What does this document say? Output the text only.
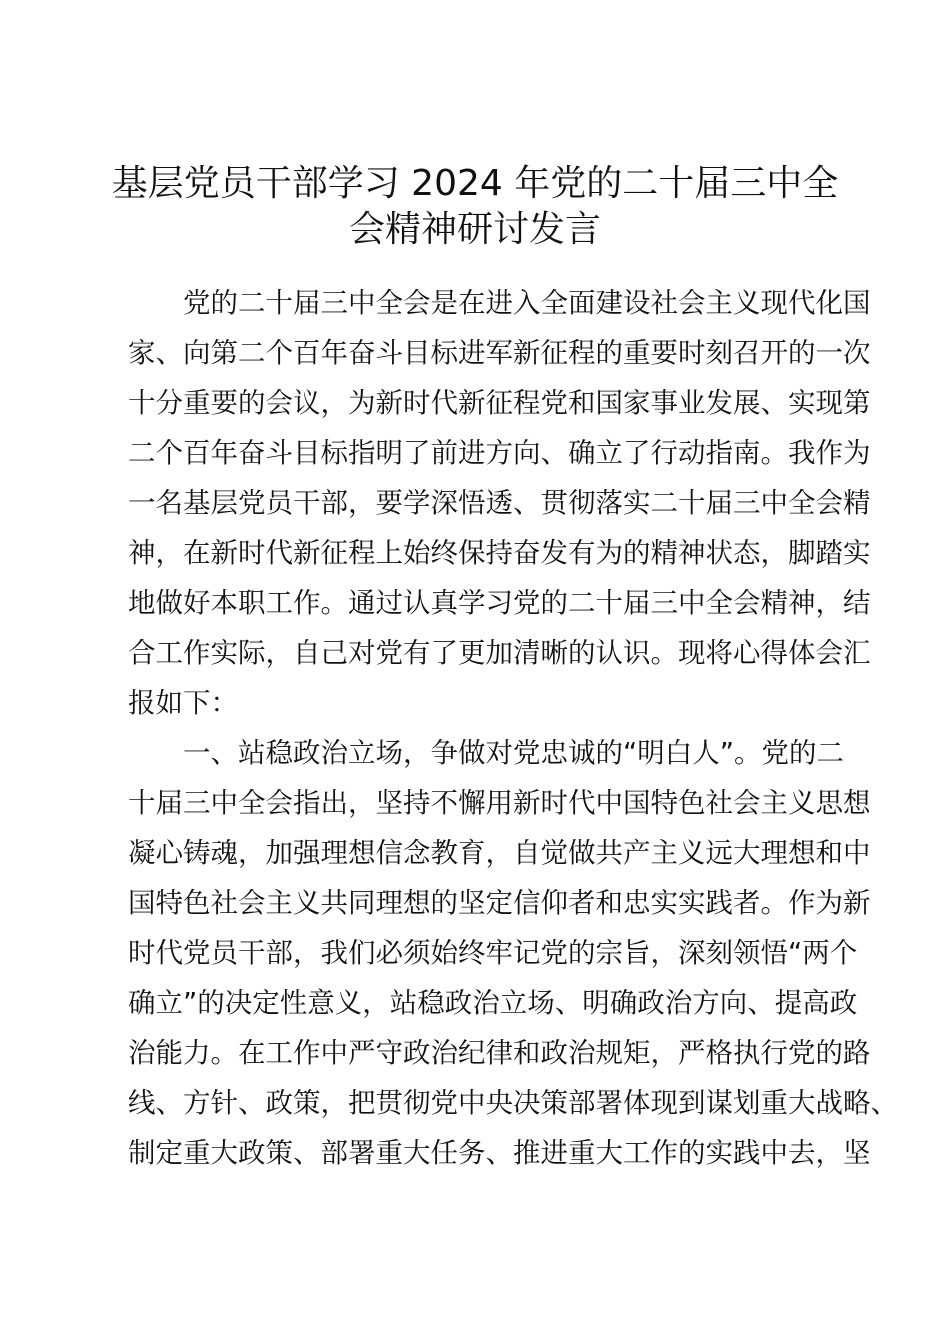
基层党员干部学习 2024 年党的二十届三中全
会精神研讨发言
　　党的二十届三中全会是在进入全面建设社会主义现代化国
家、向第二个百年奋斗目标进军新征程的重要时刻召开的一次
十分重要的会议，为新时代新征程党和国家事业发展、实现第
二个百年奋斗目标指明了前进方向、确立了行动指南。我作为
一名基层党员干部，要学深悟透、贯彻落实二十届三中全会精
神，在新时代新征程上始终保持奋发有为的精神状态，脚踏实
地做好本职工作。通过认真学习党的二十届三中全会精神，结
合工作实际，自己对党有了更加清晰的认识。现将心得体会汇
报如下：
　　一、站稳政治立场，争做对党忠诚的“明白人”。党的二
十届三中全会指出，坚持不懈用新时代中国特色社会主义思想
凝心铸魂，加强理想信念教育，自觉做共产主义远大理想和中
国特色社会主义共同理想的坚定信仰者和忠实实践者。作为新
时代党员干部，我们必须始终牢记党的宗旨，深刻领悟“两个
确立”的决定性意义，站稳政治立场、明确政治方向、提高政
治能力。在工作中严守政治纪律和政治规矩，严格执行党的路
线、方针、政策，把贯彻党中央决策部署体现到谋划重大战略、
制定重大政策、部署重大任务、推进重大工作的实践中去，坚
